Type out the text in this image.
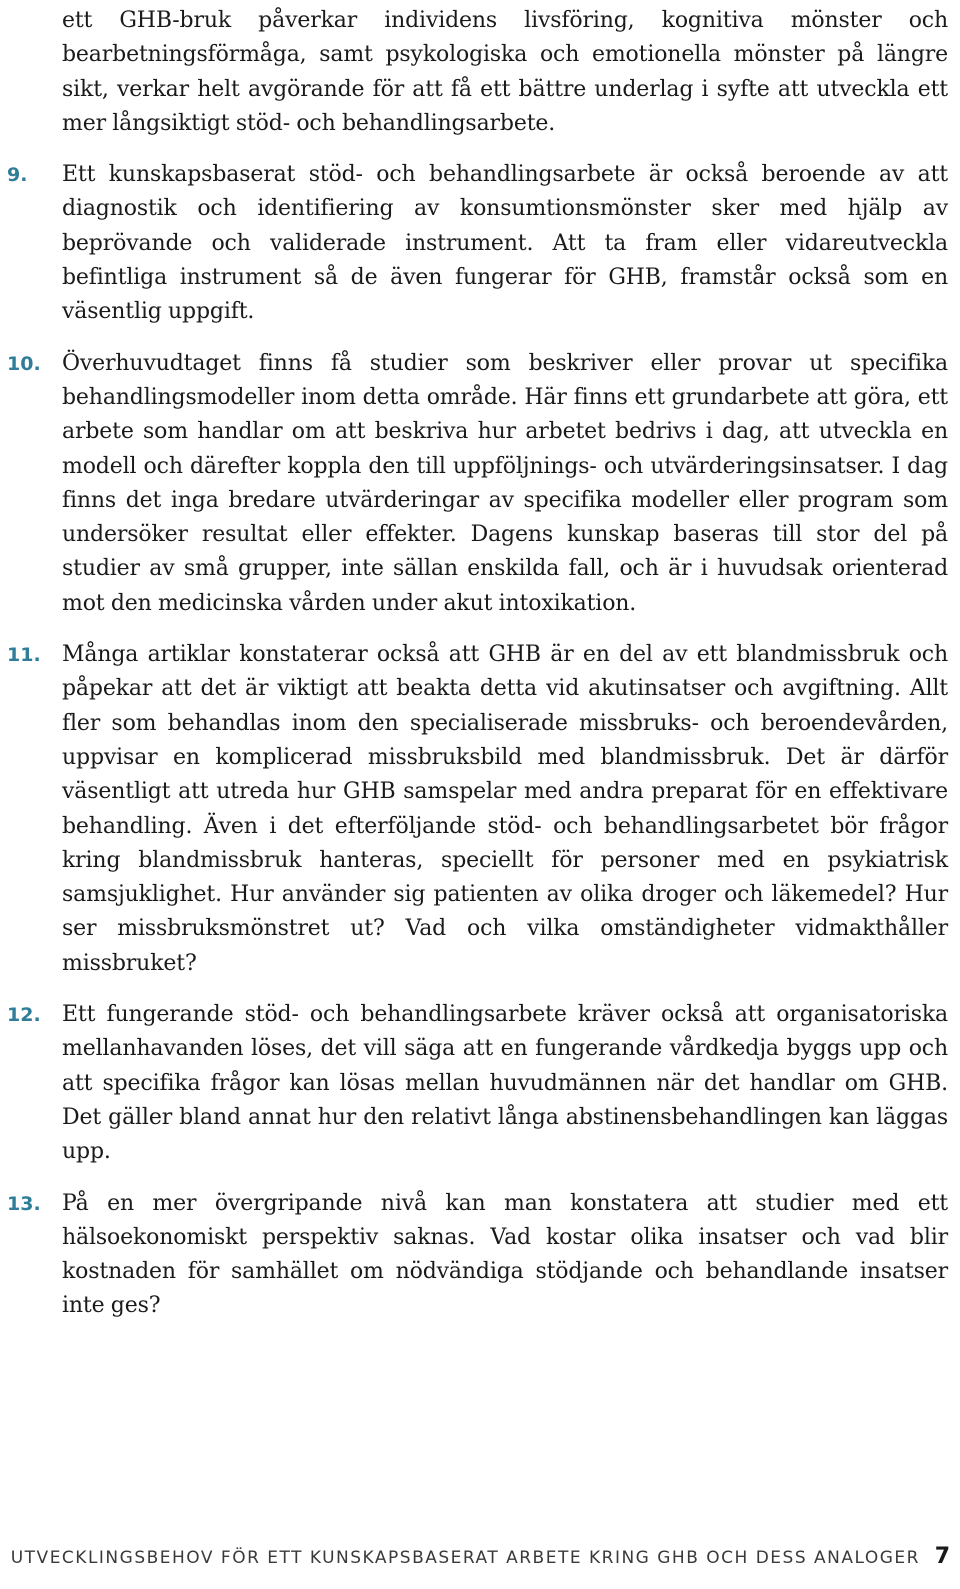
ett GHB-bruk påverkar individens livsföring, kognitiva mönster och bearbetningsförmåga, samt psykologiska och emotionella mönster på längre sikt, verkar helt avgörande för att få ett bättre underlag i syfte att utveckla ett mer långsiktigt stöd- och behandlingsarbete.

9.	Ett kunskapsbaserat stöd- och behandlingsarbete är också beroende av att diagnostik och identifiering av konsumtionsmönster sker med hjälp av beprövande och validerade instrument. Att ta fram eller vidareutveckla befintliga instrument så de även fungerar för GHB, framstår också som en väsentlig uppgift.

10. Överhuvudtaget finns få studier som beskriver eller provar ut specifika behandlingsmodeller inom detta område. Här finns ett grundarbete att göra, ett arbete som handlar om att beskriva hur arbetet bedrivs i dag, att utveckla en modell och därefter koppla den till uppföljnings- och utvärderingsinsatser. I dag finns det inga bredare utvärderingar av specifika modeller eller program som undersöker resultat eller effekter. Dagens kunskap baseras till stor del på studier av små grupper, inte sällan enskilda fall, och är i huvudsak orienterad mot den medicinska vården under akut intoxikation.

11. Många artiklar konstaterar också att GHB är en del av ett blandmissbruk och påpekar att det är viktigt att beakta detta vid akutinsatser och avgiftning. Allt fler som behandlas inom den specialiserade missbruks- och beroendevården, uppvisar en komplicerad missbruksbild med blandmissbruk. Det är därför väsentligt att utreda hur GHB samspelar med andra preparat för en effektivare behandling. Även i det efterföljande stöd- och behandlingsarbetet bör frågor kring blandmissbruk hanteras, speciellt för personer med en psykiatrisk samsjuklighet. Hur använder sig patienten av olika droger och läkemedel? Hur ser missbruksmönstret ut? Vad och vilka omständigheter vidmakthåller missbruket?

12. Ett fungerande stöd- och behandlingsarbete kräver också att organisatoriska mellanhavanden löses, det vill säga att en fungerande vårdkedja byggs upp och att specifika frågor kan lösas mellan huvudmännen när det handlar om GHB. Det gäller bland annat hur den relativt långa abstinensbehandlingen kan läggas upp.

13. På en mer övergripande nivå kan man konstatera att studier med ett hälsoekonomiskt perspektiv saknas. Vad kostar olika insatser och vad blir kostnaden för samhället om nödvändiga stödjande och behandlande insatser inte ges?

UTVECKLINGSBEHOV FÖR ETT KUNSKAPSBASERAT ARBETE KRING GHB OCH DESS ANALOGER 7
